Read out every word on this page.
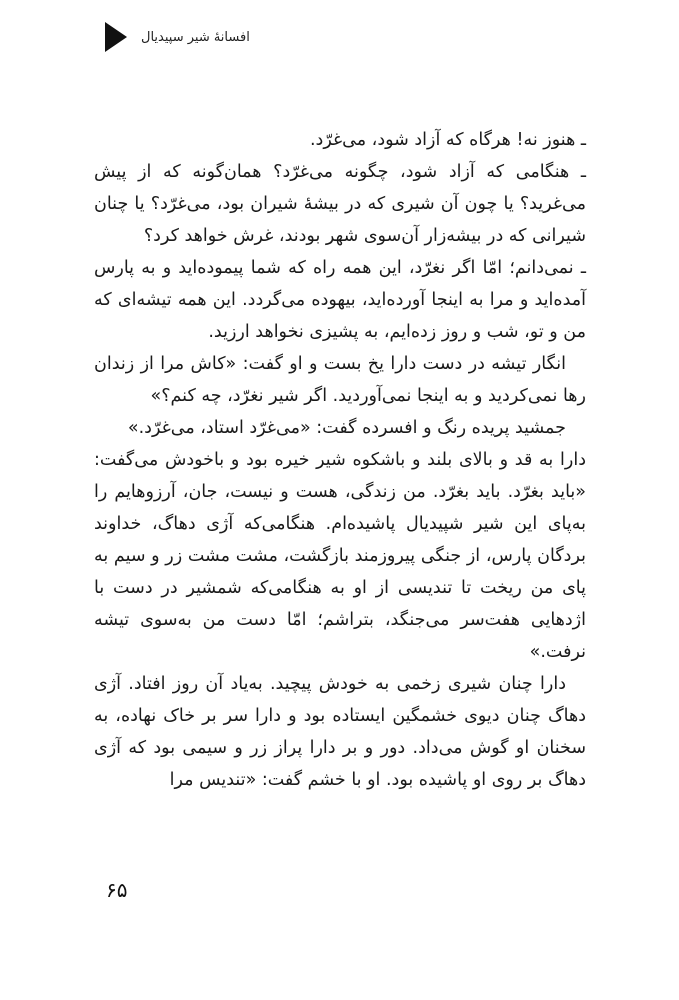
افسانهٔ شیر سپیدیال

ـ هنوز نه! هرگاه که آزاد شود، می‌غرّد.

ـ هنگامی که آزاد شود، چگونه می‌غرّد؟ همان‌گونه که از پیش می‌غرید؟ یا چون آن شیری که در بیشهٔ شیران بود، می‌غرّد؟ یا چنان شیرانی که در بیشه‌زار آن‌سوی شهر بودند، غرش خواهد کرد؟

ـ نمی‌دانم؛ امّا اگر نغرّد، این همه راه که شما پیموده‌اید و به پارس آمده‌اید و مرا به اینجا آورده‌اید، بیهوده می‌گردد. این همه تیشه‌ای که من و تو، شب و روز زده‌ایم، به پشیزی نخواهد ارزید.

انگار تیشه در دست دارا یخ بست و او گفت: «کاش مرا از زندان رها نمی‌کردید و به اینجا نمی‌آوردید. اگر شیر نغرّد، چه کنم؟»

جمشید پریده رنگ و افسرده گفت: «می‌غرّد استاد، می‌غرّد.»

دارا به قد و بالای بلند و باشکوه شیر خیره بود و باخودش می‌گفت: «باید بغرّد. باید بغرّد. من زندگی، هست و نیست، جان، آرزوهایم را به‌پای این شیر شپیدیال پاشیده‌ام. هنگامی‌که آژی دهاگ، خداوند بردگان پارس، از جنگی پیروزمند بازگشت، مشت مشت زر و سیم به پای من ریخت تا تندیسی از او به هنگامی‌که شمشیر در دست با اژدهایی هفت‌سر می‌جنگد، بتراشم؛ امّا دست من به‌سوی تیشه نرفت.»

دارا چنان شیری زخمی به خودش پیچید. به‌یاد آن روز افتاد. آژی دهاگ چنان دیوی خشمگین ایستاده بود و دارا سر بر خاک نهاده، به سخنان او گوش می‌داد. دور و بر دارا پراز زر و سیمی بود که آژی دهاگ بر روی او پاشیده بود. او با خشم گفت: «تندیس مرا

۶۵
